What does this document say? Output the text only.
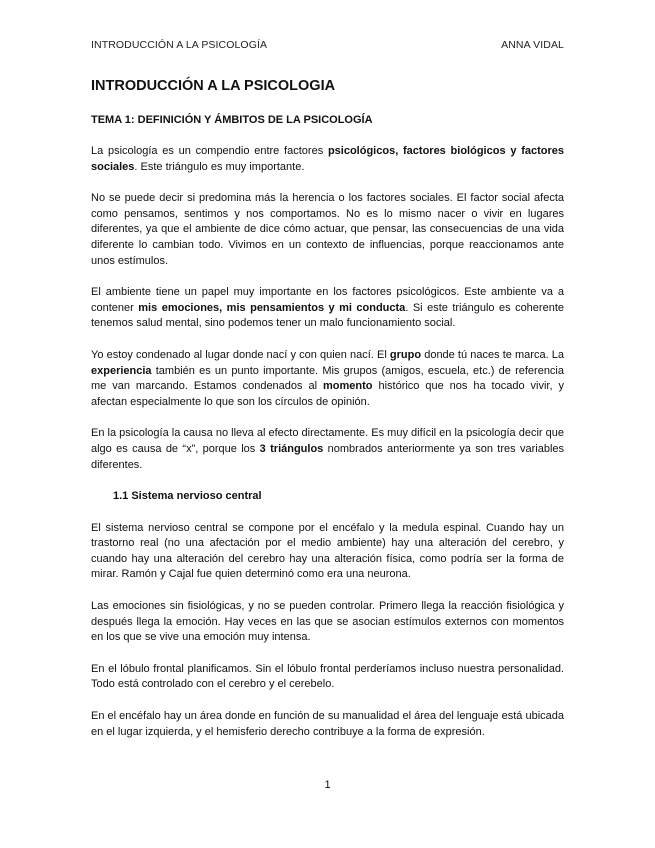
INTRODUCCIÓN A LA PSICOLOGÍA	ANNA VIDAL
INTRODUCCIÓN A LA PSICOLOGIA
TEMA 1: DEFINICIÓN Y ÁMBITOS DE LA PSICOLOGÍA

La psicología es un compendio entre factores psicológicos, factores biológicos y factores sociales. Este triángulo es muy importante.

No se puede decir si predomina más la herencia o los factores sociales. El factor social afecta como pensamos, sentimos y nos comportamos. No es lo mismo nacer o vivir en lugares diferentes, ya que el ambiente de dice cómo actuar, que pensar, las consecuencias de una vida diferente lo cambian todo. Vivimos en un contexto de influencias, porque reaccionamos ante unos estímulos.

El ambiente tiene un papel muy importante en los factores psicológicos. Este ambiente va a contener mis emociones, mis pensamientos y mi conducta. Si este triángulo es coherente tenemos salud mental, sino podemos tener un malo funcionamiento social.

Yo estoy condenado al lugar donde nací y con quien nací. El grupo donde tú naces te marca. La experiencia también es un punto importante. Mis grupos (amigos, escuela, etc.) de referencia me van marcando. Estamos condenados al momento histórico que nos ha tocado vivir, y afectan especialmente lo que son los círculos de opinión.

En la psicología la causa no lleva al efecto directamente. Es muy difícil en la psicología decir que algo es causa de “x”, porque los 3 triángulos nombrados anteriormente ya son tres variables diferentes.

1.1 Sistema nervioso central

El sistema nervioso central se compone por el encéfalo y la medula espinal. Cuando hay un trastorno real (no una afectación por el medio ambiente) hay una alteración del cerebro, y cuando hay una alteración del cerebro hay una alteración física, como podría ser la forma de mirar. Ramón y Cajal fue quien determinó como era una neurona.

Las emociones sin fisiológicas, y no se pueden controlar. Primero llega la reacción fisiológica y después llega la emoción. Hay veces en las que se asocian estímulos externos con momentos en los que se vive una emoción muy intensa.

En el lóbulo frontal planificamos. Sin el lóbulo frontal perderíamos incluso nuestra personalidad. Todo está controlado con el cerebro y el cerebelo.

En el encéfalo hay un área donde en función de su manualidad el área del lenguaje está ubicada en el lugar izquierda, y el hemisferio derecho contribuye a la forma de expresión.

1
